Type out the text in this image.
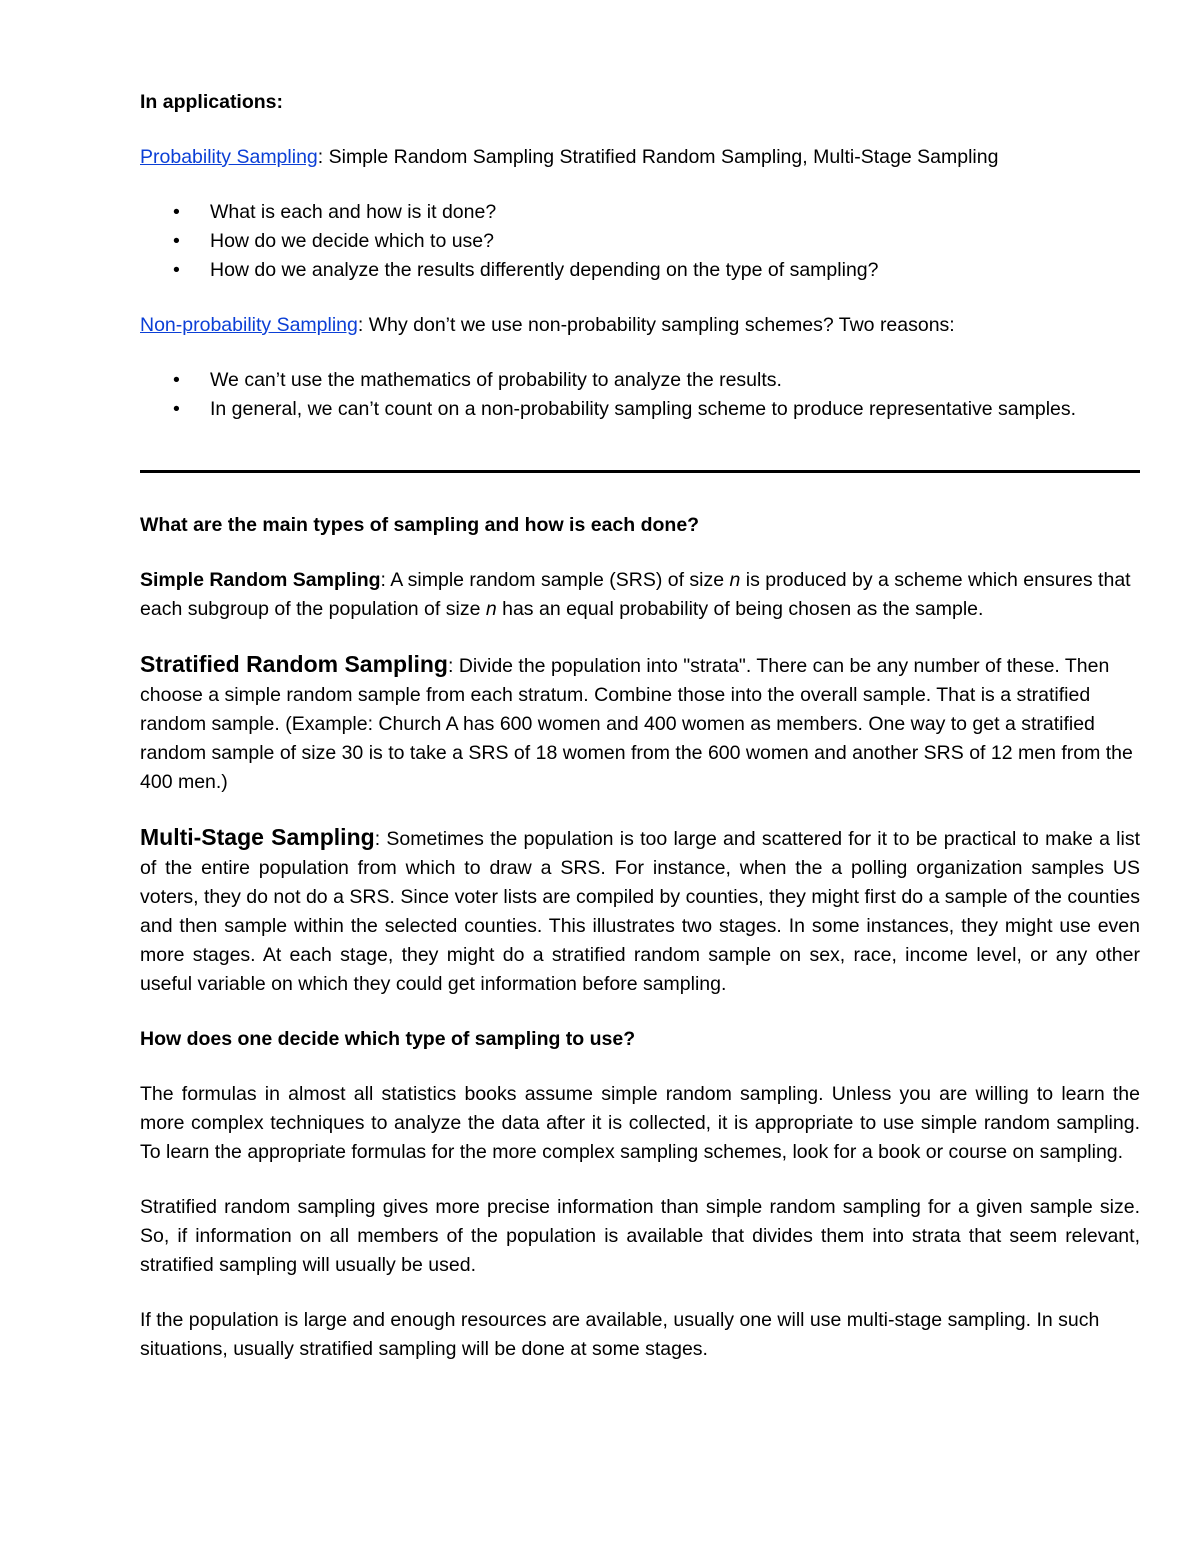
In applications:

Probability Sampling: Simple Random Sampling Stratified Random Sampling, Multi-Stage Sampling

• What is each and how is it done?
• How do we decide which to use?
• How do we analyze the results differently depending on the type of sampling?

Non-probability Sampling: Why don’t we use non-probability sampling schemes? Two reasons:

• We can’t use the mathematics of probability to analyze the results.
• In general, we can’t count on a non-probability sampling scheme to produce representative samples.

What are the main types of sampling and how is each done?

Simple Random Sampling: A simple random sample (SRS) of size n is produced by a scheme which ensures that each subgroup of the population of size n has an equal probability of being chosen as the sample.

Stratified Random Sampling: Divide the population into "strata". There can be any number of these. Then choose a simple random sample from each stratum. Combine those into the overall sample. That is a stratified random sample. (Example: Church A has 600 women and 400 women as members. One way to get a stratified random sample of size 30 is to take a SRS of 18 women from the 600 women and another SRS of 12 men from the 400 men.)

Multi-Stage Sampling: Sometimes the population is too large and scattered for it to be practical to make a list of the entire population from which to draw a SRS. For instance, when the a polling organization samples US voters, they do not do a SRS. Since voter lists are compiled by counties, they might first do a sample of the counties and then sample within the selected counties. This illustrates two stages. In some instances, they might use even more stages. At each stage, they might do a stratified random sample on sex, race, income level, or any other useful variable on which they could get information before sampling.

How does one decide which type of sampling to use?

The formulas in almost all statistics books assume simple random sampling. Unless you are willing to learn the more complex techniques to analyze the data after it is collected, it is appropriate to use simple random sampling. To learn the appropriate formulas for the more complex sampling schemes, look for a book or course on sampling.

Stratified random sampling gives more precise information than simple random sampling for a given sample size. So, if information on all members of the population is available that divides them into strata that seem relevant, stratified sampling will usually be used.

If the population is large and enough resources are available, usually one will use multi-stage sampling. In such situations, usually stratified sampling will be done at some stages.
